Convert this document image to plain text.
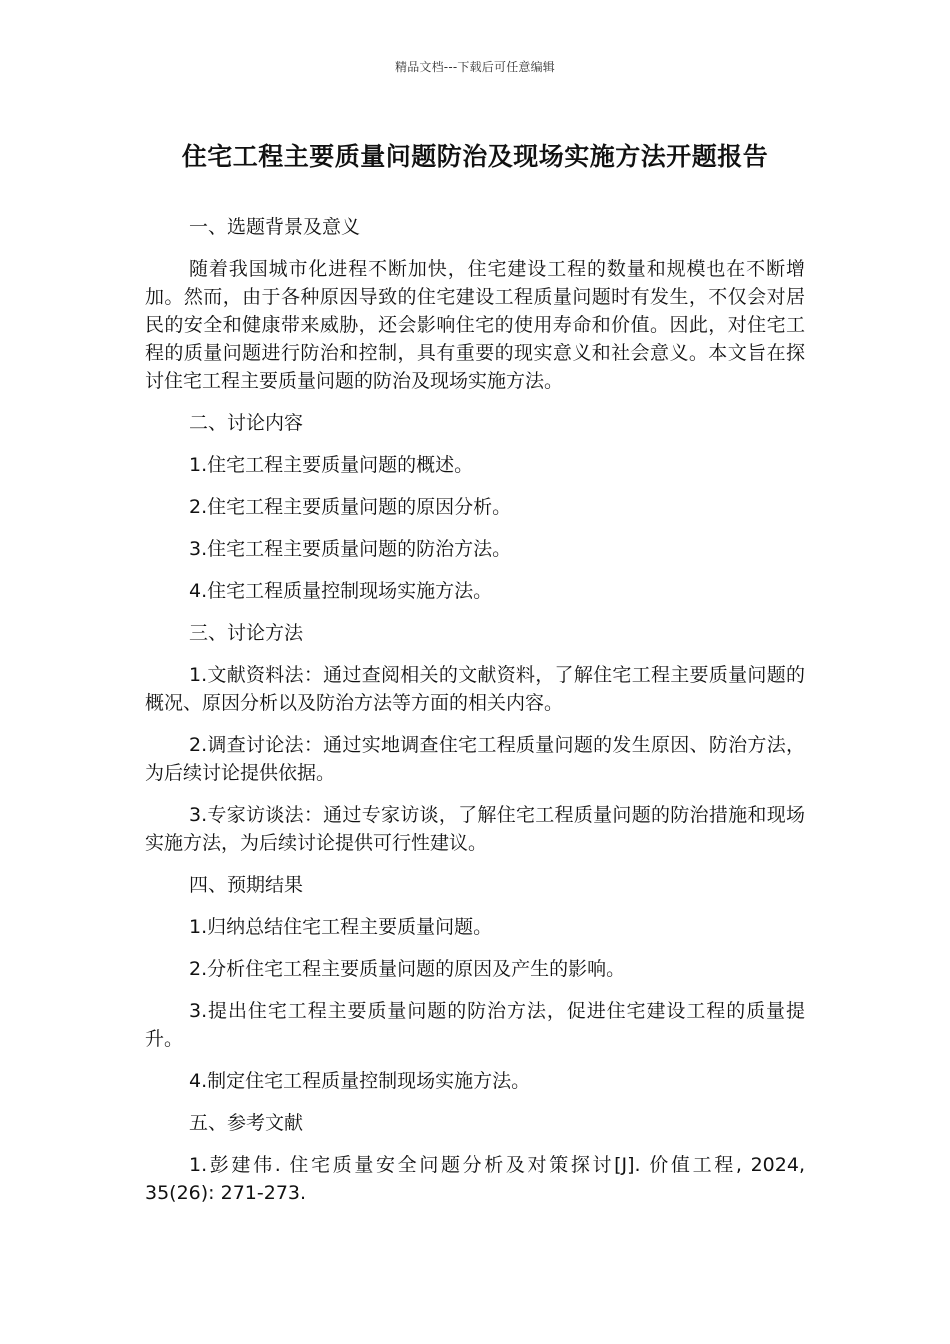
精品文档---下载后可任意编辑
住宅工程主要质量问题防治及现场实施方法开题报告

一、选题背景及意义

随着我国城市化进程不断加快，住宅建设工程的数量和规模也在不断增加。然而，由于各种原因导致的住宅建设工程质量问题时有发生，不仅会对居民的安全和健康带来威胁，还会影响住宅的使用寿命和价值。因此，对住宅工程的质量问题进行防治和控制，具有重要的现实意义和社会意义。本文旨在探讨住宅工程主要质量问题的防治及现场实施方法。

二、讨论内容

1.住宅工程主要质量问题的概述。

2.住宅工程主要质量问题的原因分析。

3.住宅工程主要质量问题的防治方法。

4.住宅工程质量控制现场实施方法。

三、讨论方法

1.文献资料法：通过查阅相关的文献资料，了解住宅工程主要质量问题的概况、原因分析以及防治方法等方面的相关内容。

2.调查讨论法：通过实地调查住宅工程质量问题的发生原因、防治方法，为后续讨论提供依据。

3.专家访谈法：通过专家访谈，了解住宅工程质量问题的防治措施和现场实施方法，为后续讨论提供可行性建议。

四、预期结果

1.归纳总结住宅工程主要质量问题。

2.分析住宅工程主要质量问题的原因及产生的影响。

3.提出住宅工程主要质量问题的防治方法，促进住宅建设工程的质量提升。

4.制定住宅工程质量控制现场实施方法。

五、参考文献

1.彭建伟. 住宅质量安全问题分析及对策探讨[J]. 价值工程, 2024, 35(26): 271-273.
